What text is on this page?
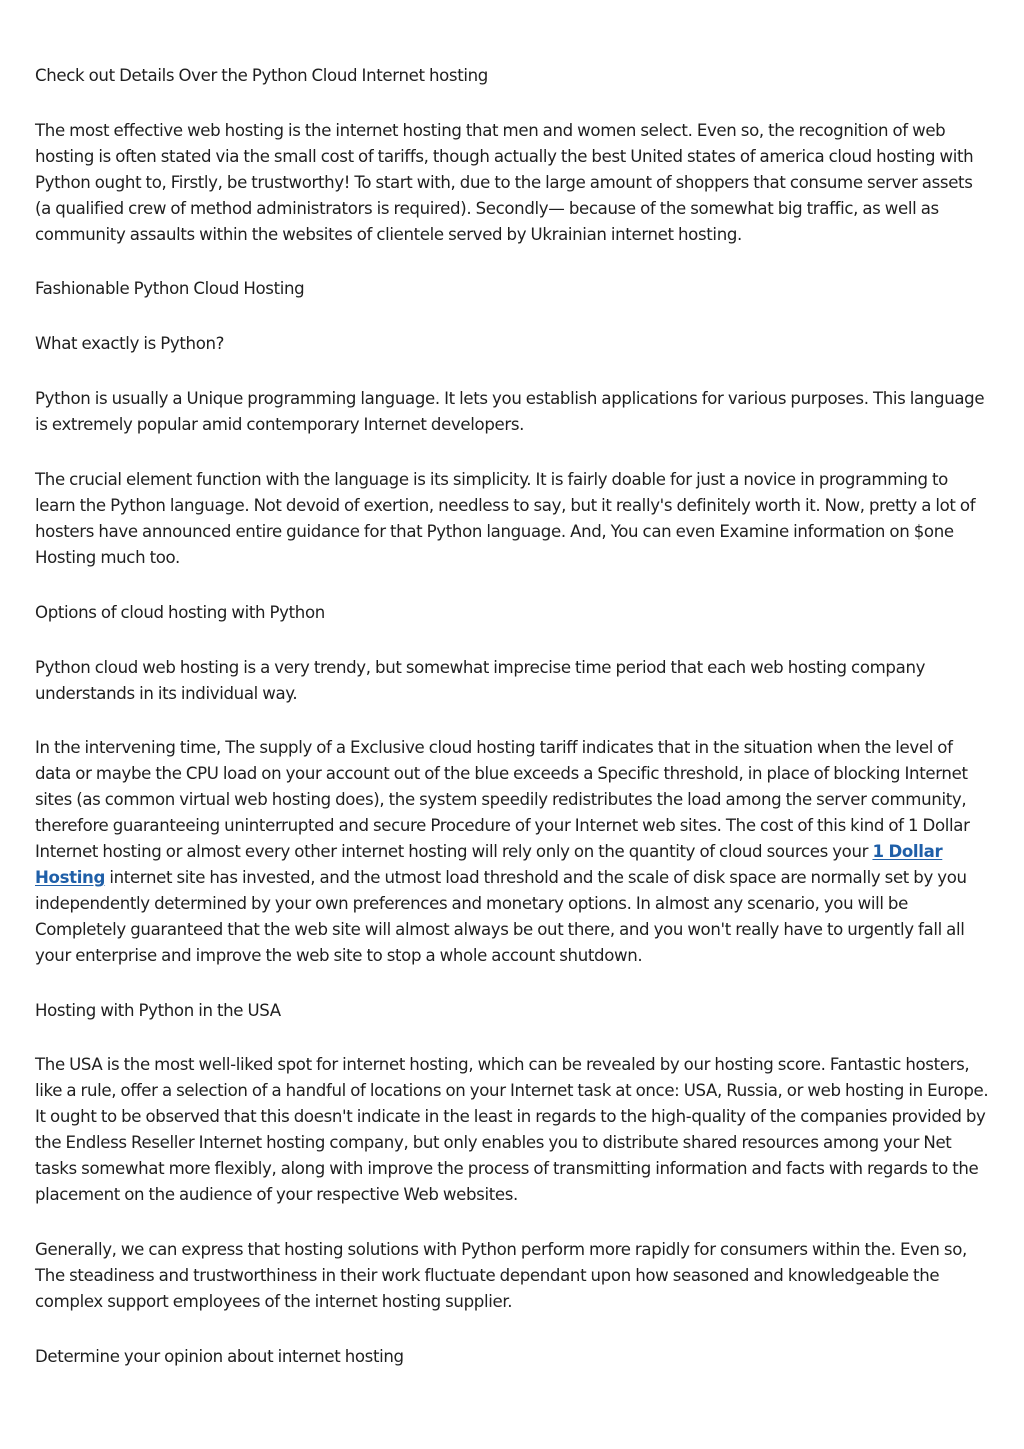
Check out Details Over the Python Cloud Internet hosting

The most effective web hosting is the internet hosting that men and women select. Even so, the recognition of web hosting is often stated via the small cost of tariffs, though actually the best United states of america cloud hosting with Python ought to, Firstly, be trustworthy! To start with, due to the large amount of shoppers that consume server assets (a qualified crew of method administrators is required). Secondly— because of the somewhat big traffic, as well as community assaults within the websites of clientele served by Ukrainian internet hosting.

Fashionable Python Cloud Hosting

What exactly is Python?

Python is usually a Unique programming language. It lets you establish applications for various purposes. This language is extremely popular amid contemporary Internet developers.

The crucial element function with the language is its simplicity. It is fairly doable for just a novice in programming to learn the Python language. Not devoid of exertion, needless to say, but it really's definitely worth it. Now, pretty a lot of hosters have announced entire guidance for that Python language. And, You can even Examine information on $one Hosting much too.

Options of cloud hosting with Python

Python cloud web hosting is a very trendy, but somewhat imprecise time period that each web hosting company understands in its individual way.

In the intervening time, The supply of a Exclusive cloud hosting tariff indicates that in the situation when the level of data or maybe the CPU load on your account out of the blue exceeds a Specific threshold, in place of blocking Internet sites (as common virtual web hosting does), the system speedily redistributes the load among the server community, therefore guaranteeing uninterrupted and secure Procedure of your Internet web sites. The cost of this kind of 1 Dollar Internet hosting or almost every other internet hosting will rely only on the quantity of cloud sources your 1 Dollar Hosting internet site has invested, and the utmost load threshold and the scale of disk space are normally set by you independently determined by your own preferences and monetary options. In almost any scenario, you will be Completely guaranteed that the web site will almost always be out there, and you won't really have to urgently fall all your enterprise and improve the web site to stop a whole account shutdown.

Hosting with Python in the USA

The USA is the most well-liked spot for internet hosting, which can be revealed by our hosting score. Fantastic hosters, like a rule, offer a selection of a handful of locations on your Internet task at once: USA, Russia, or web hosting in Europe. It ought to be observed that this doesn't indicate in the least in regards to the high-quality of the companies provided by the Endless Reseller Internet hosting company, but only enables you to distribute shared resources among your Net tasks somewhat more flexibly, along with improve the process of transmitting information and facts with regards to the placement on the audience of your respective Web websites.

Generally, we can express that hosting solutions with Python perform more rapidly for consumers within the. Even so, The steadiness and trustworthiness in their work fluctuate dependant upon how seasoned and knowledgeable the complex support employees of the internet hosting supplier.

Determine your opinion about internet hosting
